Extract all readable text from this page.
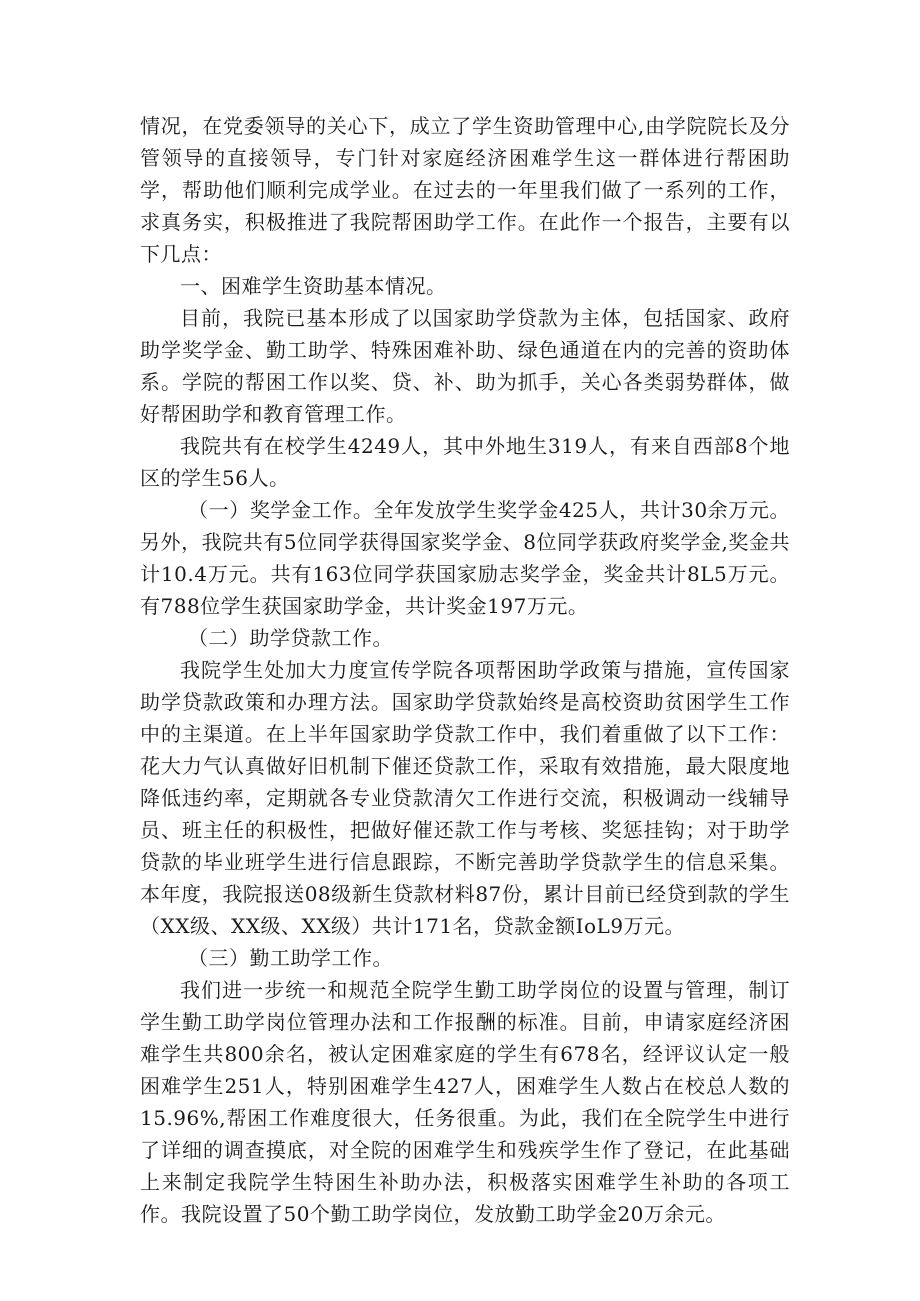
情况，在党委领导的关心下，成立了学生资助管理中心,由学院院长及分管领导的直接领导，专门针对家庭经济困难学生这一群体进行帮困助学，帮助他们顺利完成学业。在过去的一年里我们做了一系列的工作，求真务实，积极推进了我院帮困助学工作。在此作一个报告，主要有以下几点：

一、困难学生资助基本情况。

目前，我院已基本形成了以国家助学贷款为主体，包括国家、政府助学奖学金、勤工助学、特殊困难补助、绿色通道在内的完善的资助体系。学院的帮困工作以奖、贷、补、助为抓手，关心各类弱势群体，做好帮困助学和教育管理工作。

我院共有在校学生4249人，其中外地生319人，有来自西部8个地区的学生56人。

（一）奖学金工作。全年发放学生奖学金425人，共计30余万元。另外，我院共有5位同学获得国家奖学金、8位同学获政府奖学金,奖金共计10.4万元。共有163位同学获国家励志奖学金，奖金共计8L5万元。有788位学生获国家助学金，共计奖金197万元。

（二）助学贷款工作。

我院学生处加大力度宣传学院各项帮困助学政策与措施，宣传国家助学贷款政策和办理方法。国家助学贷款始终是高校资助贫困学生工作中的主渠道。在上半年国家助学贷款工作中，我们着重做了以下工作：花大力气认真做好旧机制下催还贷款工作，采取有效措施，最大限度地降低违约率，定期就各专业贷款清欠工作进行交流，积极调动一线辅导员、班主任的积极性，把做好催还款工作与考核、奖惩挂钩；对于助学贷款的毕业班学生进行信息跟踪，不断完善助学贷款学生的信息采集。本年度，我院报送08级新生贷款材料87份，累计目前已经贷到款的学生（XX级、XX级、XX级）共计171名，贷款金额IoL9万元。

（三）勤工助学工作。

我们进一步统一和规范全院学生勤工助学岗位的设置与管理，制订学生勤工助学岗位管理办法和工作报酬的标准。目前，申请家庭经济困难学生共800余名，被认定困难家庭的学生有678名，经评议认定一般困难学生251人，特别困难学生427人，困难学生人数占在校总人数的15.96%,帮困工作难度很大，任务很重。为此，我们在全院学生中进行了详细的调查摸底，对全院的困难学生和残疾学生作了登记，在此基础上来制定我院学生特困生补助办法，积极落实困难学生补助的各项工作。我院设置了50个勤工助学岗位，发放勤工助学金20万余元。
